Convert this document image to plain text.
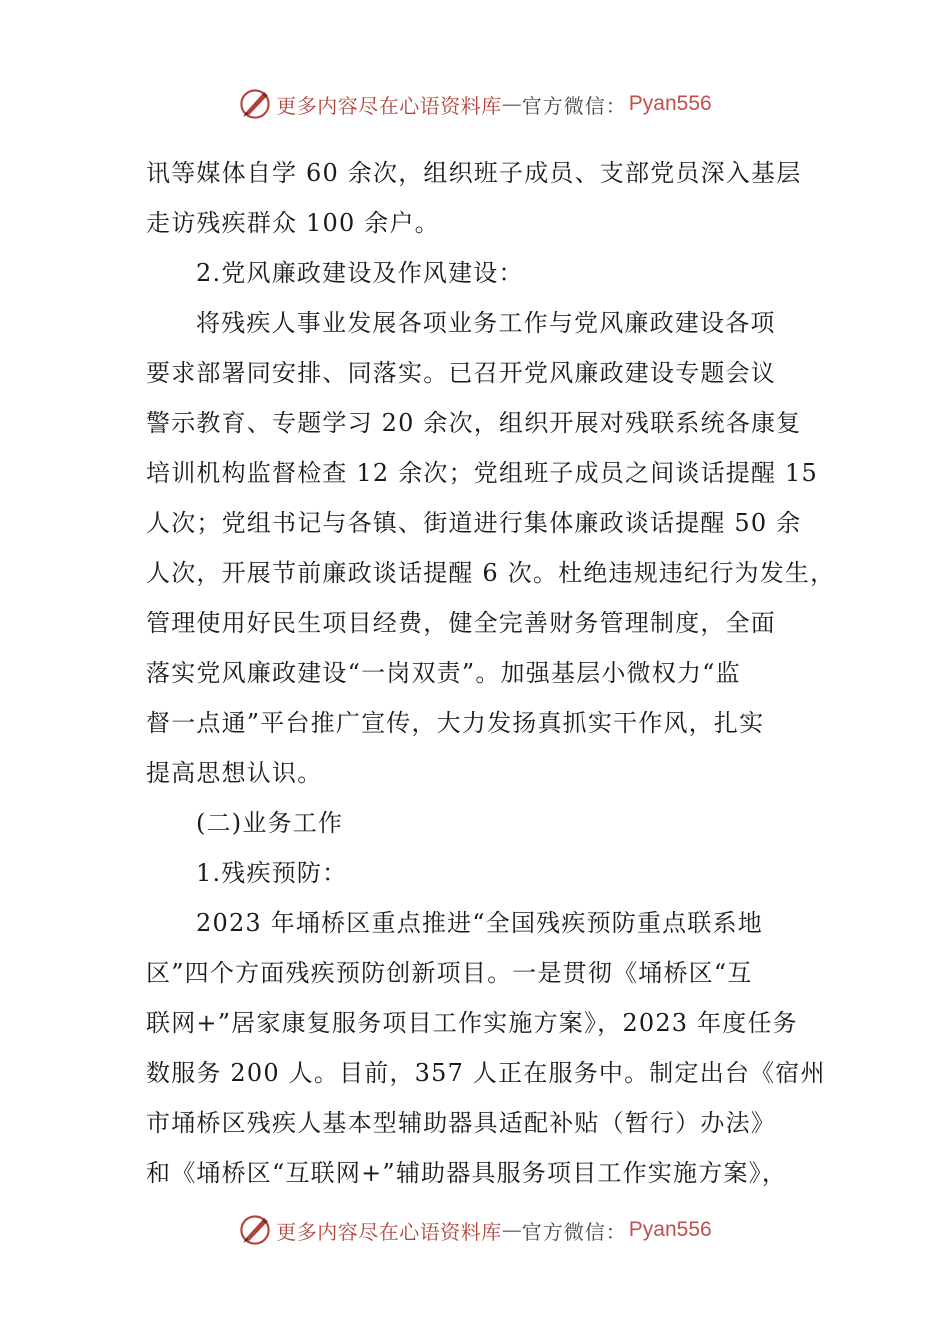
更多内容尽在心语资料库 — 官方微信： Pyan556
讯等媒体自学 60 余次，组织班子成员、支部党员深入基层
走访残疾群众 100 余户。
2.党风廉政建设及作风建设：
将残疾人事业发展各项业务工作与党风廉政建设各项
要求部署同安排、同落实。已召开党风廉政建设专题会议
警示教育、专题学习 20 余次，组织开展对残联系统各康复
培训机构监督检查 12 余次；党组班子成员之间谈话提醒 15
人次；党组书记与各镇、街道进行集体廉政谈话提醒 50 余
人次，开展节前廉政谈话提醒 6 次。杜绝违规违纪行为发生，
管理使用好民生项目经费，健全完善财务管理制度，全面
落实党风廉政建设“一岗双责”。加强基层小微权力“监
督一点通”平台推广宣传，大力发扬真抓实干作风，扎实
提高思想认识。
(二)业务工作
1.残疾预防：
2023 年埇桥区重点推进“全国残疾预防重点联系地
区”四个方面残疾预防创新项目。一是贯彻《埇桥区“互
联网+”居家康复服务项目工作实施方案》，2023 年度任务
数服务 200 人。目前，357 人正在服务中。制定出台《宿州
市埇桥区残疾人基本型辅助器具适配补贴（暂行）办法》
和《埇桥区“互联网+”辅助器具服务项目工作实施方案》，
更多内容尽在心语资料库 — 官方微信： Pyan556
